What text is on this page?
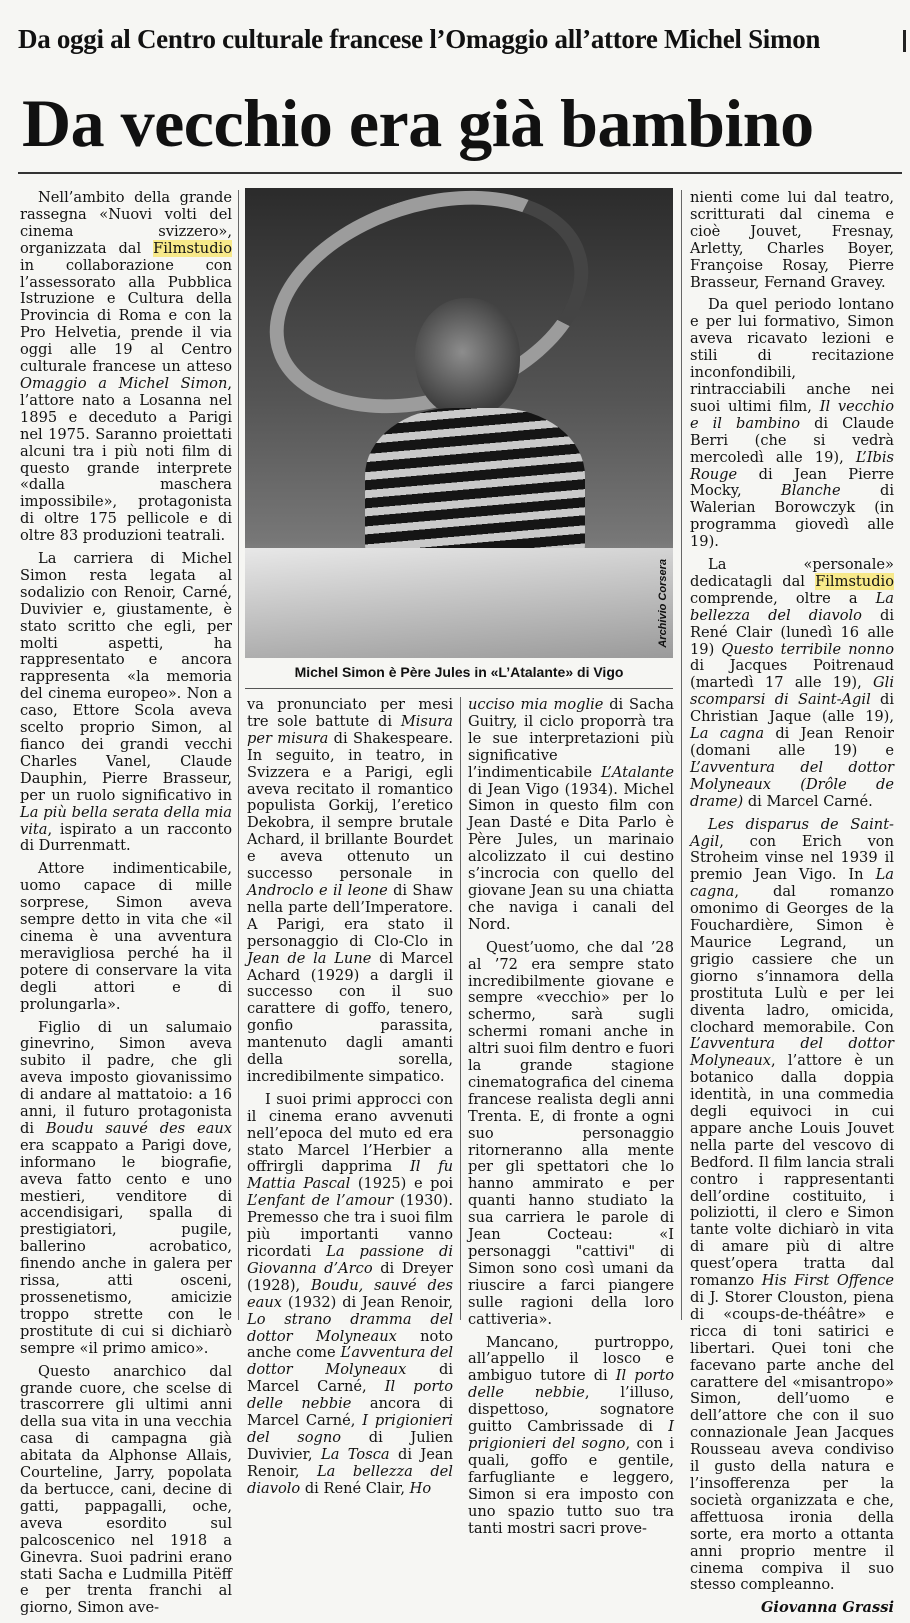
Da oggi al Centro culturale francese l’Omaggio all’attore Michel Simon
Da vecchio era già bambino

Nell’ambito della grande rassegna «Nuovi volti del cinema svizzero», organizzata dal Filmstudio in collaborazione con l’assessorato alla Pubblica Istruzione e Cultura della Provincia di Roma e con la Pro Helvetia, prende il via oggi alle 19 al Centro culturale francese un atteso Omaggio a Michel Simon, l’attore nato a Losanna nel 1895 e deceduto a Parigi nel 1975. Saranno proiettati alcuni tra i più noti film di questo grande interprete «dalla maschera impossibile», protagonista di oltre 175 pellicole e di oltre 83 produzioni teatrali.

La carriera di Michel Simon resta legata al sodalizio con Renoir, Carné, Duvivier e, giustamente, è stato scritto che egli, per molti aspetti, ha rappresentato e ancora rappresenta «la memoria del cinema europeo». Non a caso, Ettore Scola aveva scelto proprio Simon, al fianco dei grandi vecchi Charles Vanel, Claude Dauphin, Pierre Brasseur, per un ruolo significativo in La più bella serata della mia vita, ispirato a un racconto di Durrenmatt.

Attore indimenticabile, uomo capace di mille sorprese, Simon aveva sempre detto in vita che «il cinema è una avventura meravigliosa perché ha il potere di conservare la vita degli attori e di prolungarla».

Figlio di un salumaio ginevrino, Simon aveva subito il padre, che gli aveva imposto giovanissimo di andare al mattatoio: a 16 anni, il futuro protagonista di Boudu sauvé des eaux era scappato a Parigi dove, informano le biografie, aveva fatto cento e uno mestieri, venditore di accendisigari, spalla di prestigiatori, pugile, ballerino acrobatico, finendo anche in galera per rissa, atti osceni, prossenetismo, amicizie troppo strette con le prostitute di cui si dichiarò sempre «il primo amico».

Questo anarchico dal grande cuore, che scelse di trascorrere gli ultimi anni della sua vita in una vecchia casa di campagna già abitata da Alphonse Allais, Courteline, Jarry, popolata da bertucce, cani, decine di gatti, pappagalli, oche, aveva esordito sul palcoscenico nel 1918 a Ginevra. Suoi padrini erano stati Sacha e Ludmilla Pitëff e per trenta franchi al giorno, Simon ave-

Archivio Corsera
Michel Simon è Père Jules in «L’Atalante» di Vigo

va pronunciato per mesi tre sole battute di Misura per misura di Shakespeare. In seguito, in teatro, in Svizzera e a Parigi, egli aveva recitato il romantico populista Gorkij, l’eretico Dekobra, il sempre brutale Achard, il brillante Bourdet e aveva ottenuto un successo personale in Androclo e il leone di Shaw nella parte dell’Imperatore. A Parigi, era stato il personaggio di Clo-Clo in Jean de la Lune di Marcel Achard (1929) a dargli il successo con il suo carattere di goffo, tenero, gonfio parassita, mantenuto dagli amanti della sorella, incredibilmente simpatico.

I suoi primi approcci con il cinema erano avvenuti nell’epoca del muto ed era stato Marcel l’Herbier a offrirgli dapprima Il fu Mattia Pascal (1925) e poi L’enfant de l’amour (1930). Premesso che tra i suoi film più importanti vanno ricordati La passione di Giovanna d’Arco di Dreyer (1928), Boudu, sauvé des eaux (1932) di Jean Renoir, Lo strano dramma del dottor Molyneaux noto anche come L’avventura del dottor Molyneaux di Marcel Carné, Il porto delle nebbie ancora di Marcel Carné, I prigionieri del sogno di Julien Duvivier, La Tosca di Jean Renoir, La bellezza del diavolo di René Clair, Ho

ucciso mia moglie di Sacha Guitry, il ciclo proporrà tra le sue interpretazioni più significative l’indimenticabile L’Atalante di Jean Vigo (1934). Michel Simon in questo film con Jean Dasté e Dita Parlo è Père Jules, un marinaio alcolizzato il cui destino s’incrocia con quello del giovane Jean su una chiatta che naviga i canali del Nord.

Quest’uomo, che dal ’28 al ’72 era sempre stato incredibilmente giovane e sempre «vecchio» per lo schermo, sarà sugli schermi romani anche in altri suoi film dentro e fuori la grande stagione cinematografica del cinema francese realista degli anni Trenta. E, di fronte a ogni suo personaggio ritorneranno alla mente per gli spettatori che lo hanno ammirato e per quanti hanno studiato la sua carriera le parole di Jean Cocteau: «I personaggi "cattivi" di Simon sono così umani da riuscire a farci piangere sulle ragioni della loro cattiveria».

Mancano, purtroppo, all’appello il losco e ambiguo tutore di Il porto delle nebbie, l’illuso, dispettoso, sognatore guitto Cambrissade di I prigionieri del sogno, con i quali, goffo e gentile, farfugliante e leggero, Simon si era imposto con uno spazio tutto suo tra tanti mostri sacri prove-

nienti come lui dal teatro, scritturati dal cinema e cioè Jouvet, Fresnay, Arletty, Charles Boyer, Françoise Rosay, Pierre Brasseur, Fernand Gravey.

Da quel periodo lontano e per lui formativo, Simon aveva ricavato lezioni e stili di recitazione inconfondibili, rintracciabili anche nei suoi ultimi film, Il vecchio e il bambino di Claude Berri (che si vedrà mercoledì alle 19), L’Ibis Rouge di Jean Pierre Mocky, Blanche di Walerian Borowczyk (in programma giovedì alle 19).

La «personale» dedicatagli dal Filmstudio comprende, oltre a La bellezza del diavolo di René Clair (lunedì 16 alle 19) Questo terribile nonno di Jacques Poitrenaud (martedì 17 alle 19), Gli scomparsi di Saint-Agil di Christian Jaque (alle 19), La cagna di Jean Renoir (domani alle 19) e L’avventura del dottor Molyneaux (Drôle de drame) di Marcel Carné.

Les disparus de Saint-Agil, con Erich von Stroheim vinse nel 1939 il premio Jean Vigo. In La cagna, dal romanzo omonimo di Georges de la Fouchardière, Simon è Maurice Legrand, un grigio cassiere che un giorno s’innamora della prostituta Lulù e per lei diventa ladro, omicida, clochard memorabile. Con L’avventura del dottor Molyneaux, l’attore è un botanico dalla doppia identità, in una commedia degli equivoci in cui appare anche Louis Jouvet nella parte del vescovo di Bedford. Il film lancia strali contro i rappresentanti dell’ordine costituito, i poliziotti, il clero e Simon tante volte dichiarò in vita di amare più di altre quest’opera tratta dal romanzo His First Offence di J. Storer Clouston, piena di «coups-de-théâtre» e ricca di toni satirici e libertari. Quei toni che facevano parte anche del carattere del «misantropo» Simon, dell’uomo e dell’attore che con il suo connazionale Jean Jacques Rousseau aveva condiviso il gusto della natura e l’insofferenza per la società organizzata e che, affettuosa ironia della sorte, era morto a ottanta anni proprio mentre il cinema compiva il suo stesso compleanno.

Giovanna Grassi
